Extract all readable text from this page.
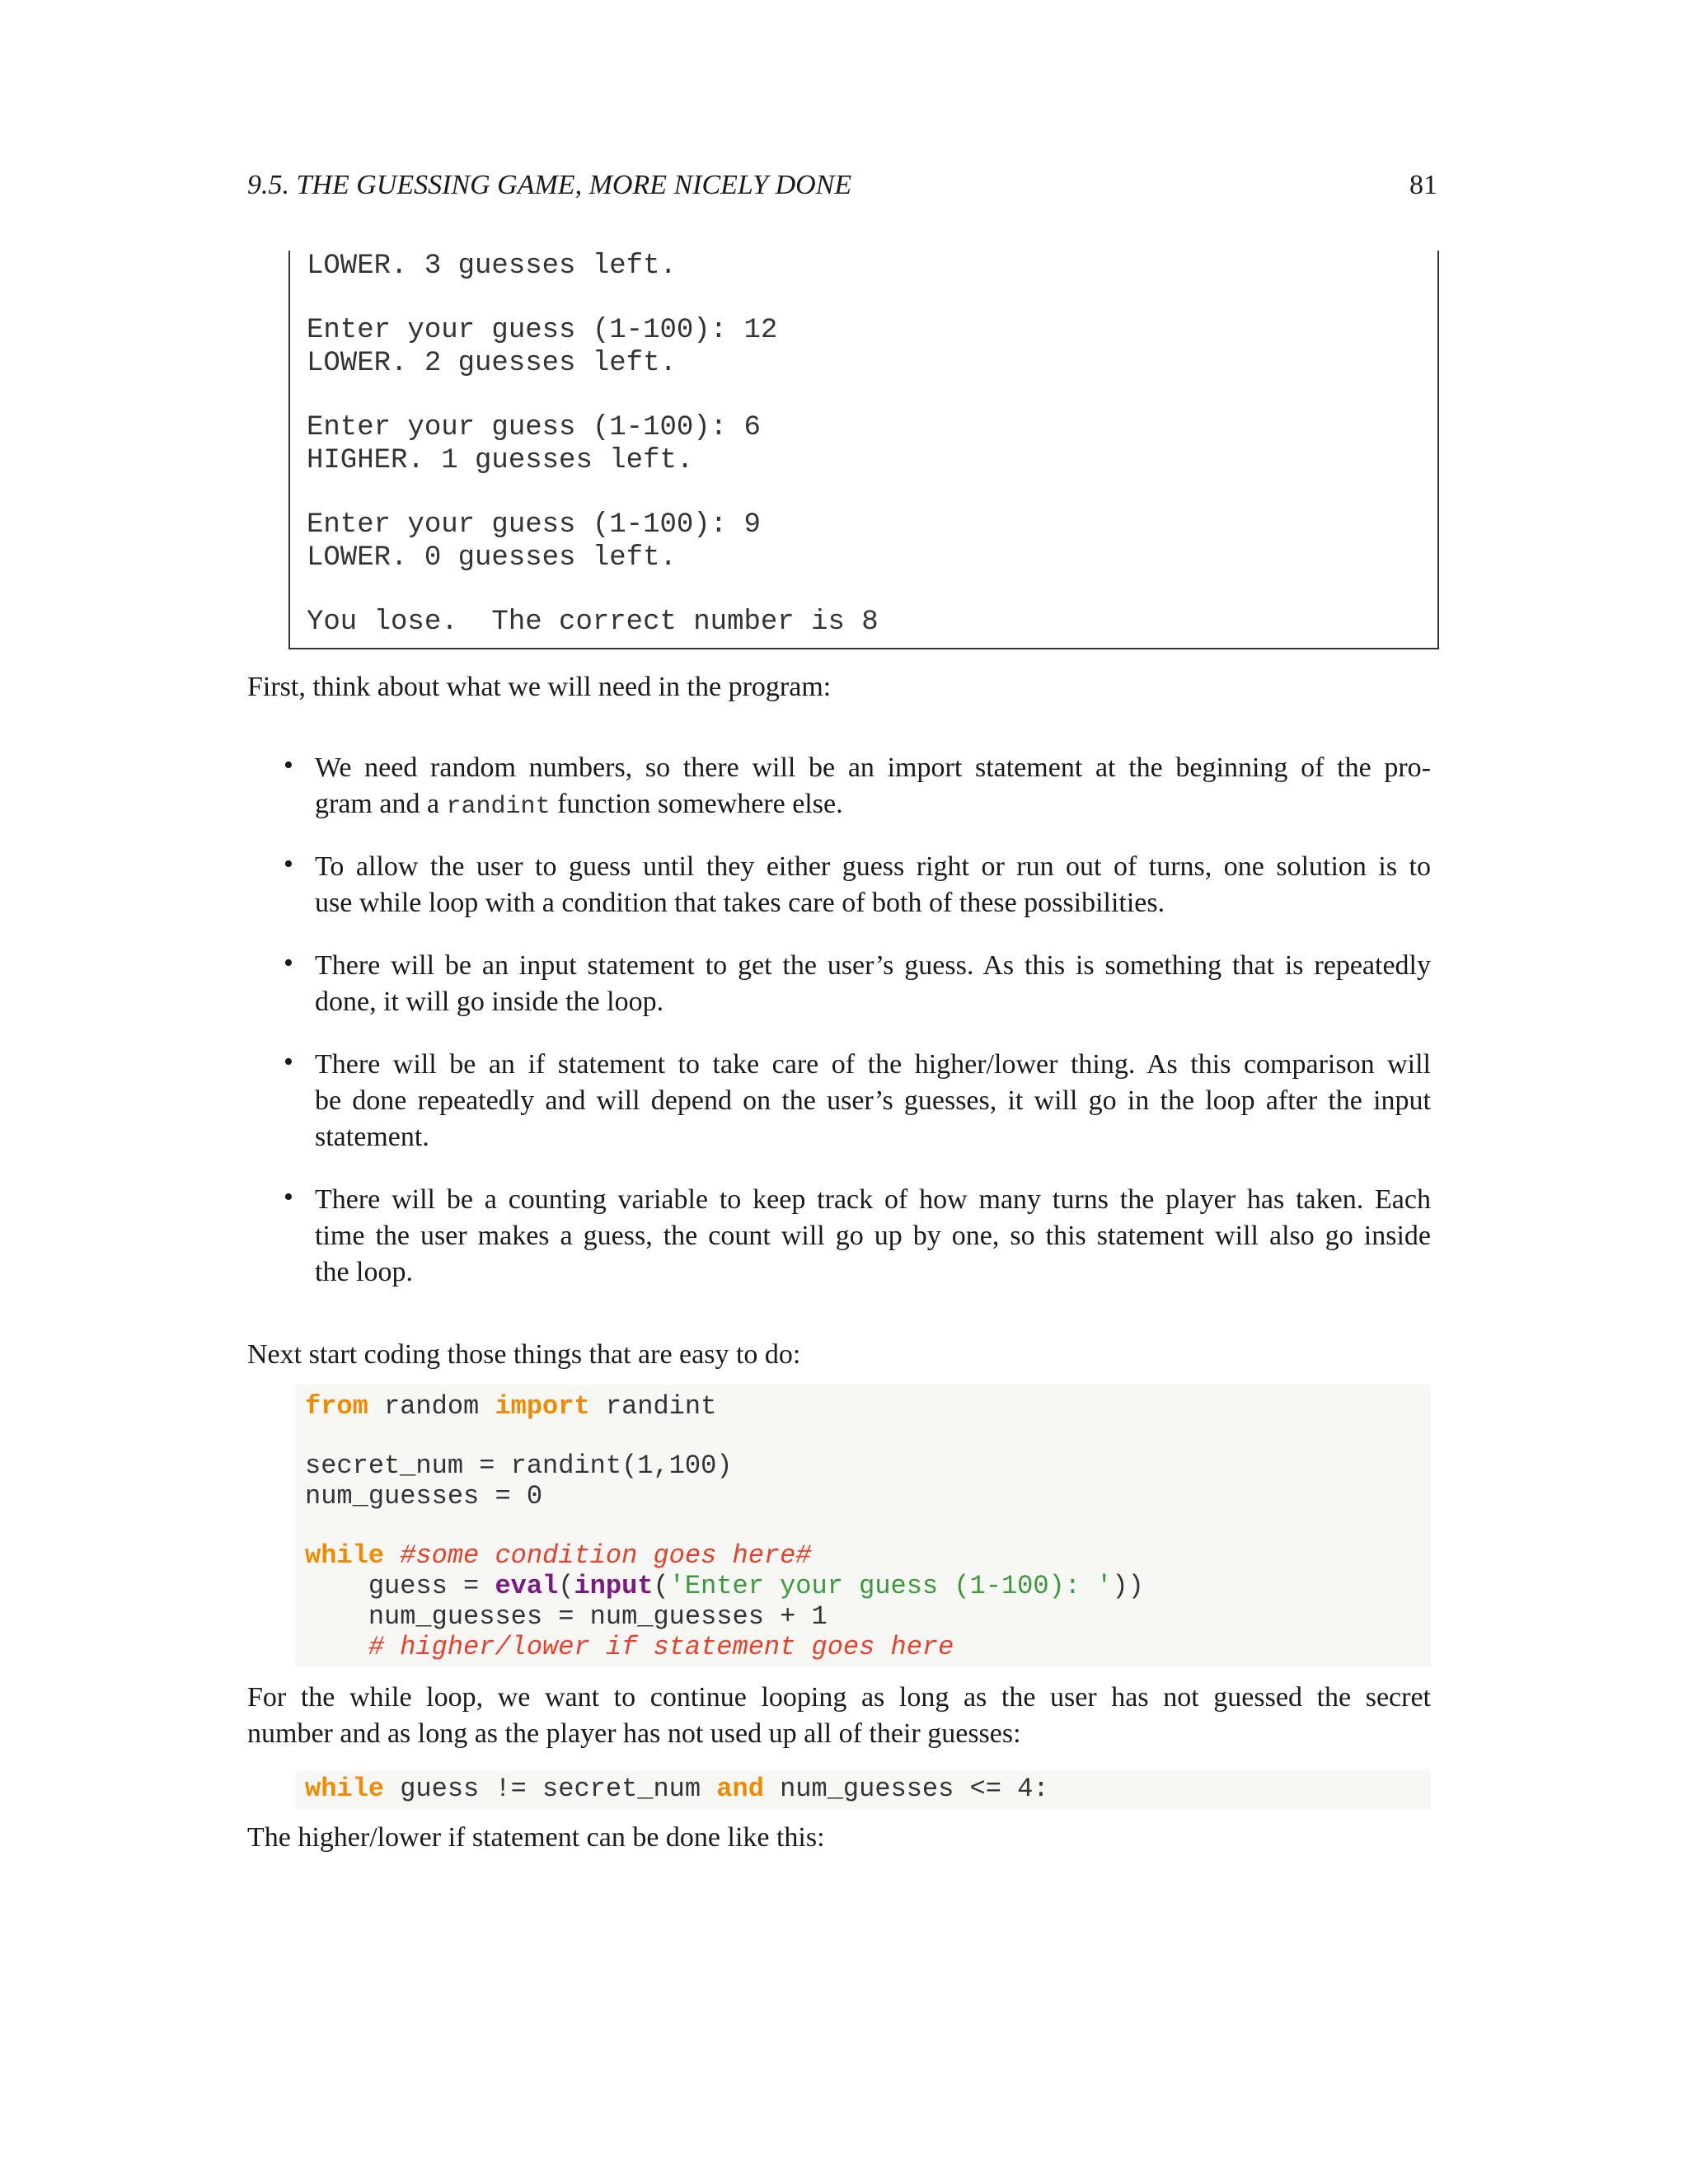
9.5. THE GUESSING GAME, MORE NICELY DONE	81
LOWER. 3 guesses left.
Enter your guess (1-100): 12
LOWER. 2 guesses left.
Enter your guess (1-100): 6
HIGHER. 1 guesses left.
Enter your guess (1-100): 9
LOWER. 0 guesses left.
You lose.  The correct number is 8
First, think about what we will need in the program:
• We need random numbers, so there will be an import statement at the beginning of the pro-
gram and a randint function somewhere else.
• To allow the user to guess until they either guess right or run out of turns, one solution is to
use while loop with a condition that takes care of both of these possibilities.
• There will be an input statement to get the user’s guess. As this is something that is repeatedly
done, it will go inside the loop.
• There will be an if statement to take care of the higher/lower thing. As this comparison will
be done repeatedly and will depend on the user’s guesses, it will go in the loop after the input
statement.
• There will be a counting variable to keep track of how many turns the player has taken. Each
time the user makes a guess, the count will go up by one, so this statement will also go inside
the loop.
Next start coding those things that are easy to do:
from random import randint
secret_num = randint(1,100)
num_guesses = 0
while #some condition goes here#
guess = eval(input('Enter your guess (1-100): '))
num_guesses = num_guesses + 1
# higher/lower if statement goes here
For the while loop, we want to continue looping as long as the user has not guessed the secret
number and as long as the player has not used up all of their guesses:
while guess != secret_num and num_guesses <= 4:
The higher/lower if statement can be done like this:
